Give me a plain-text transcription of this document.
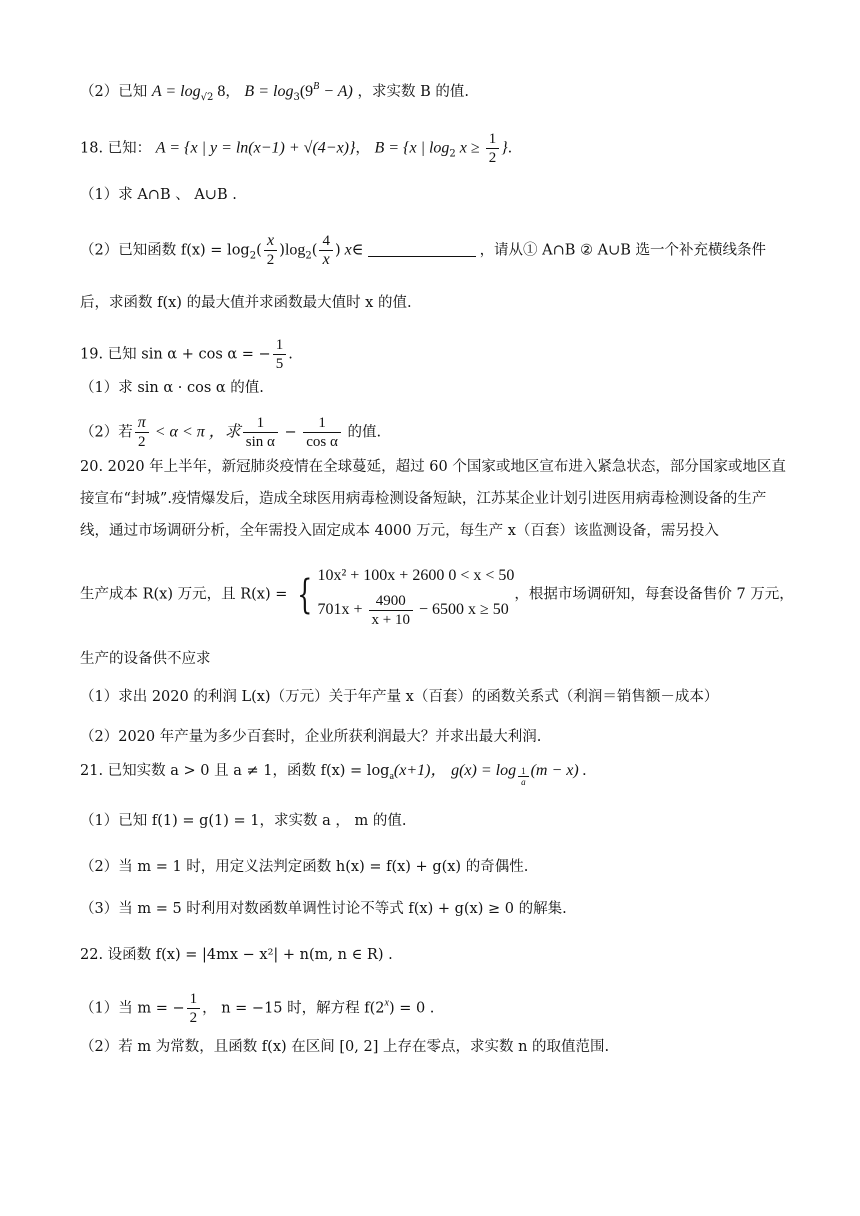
（2）已知 $A = \log_{√2} 8$， $B = \log_3(9^B - A)$ ，求实数 B 的值.
18. 已知： A = {x | y = ln(x−1) + √(4−x)}， B = {x | $\log_2 x \ge \frac{1}{2}$ }.
（1）求 A∩B 、 A∪B .
（2）已知函数 $f(x) = \log_2( \frac{x}{2} )\log_2( \frac{4}{x}$ ) x∈	，请从① A∩B ② A∪B 选一个补充横线条件
后，求函数 f(x) 的最大值并求函数最大值时 x 的值.
19. 已知 sin α + cos α = − $\frac{1}{5}$ .
（1）求 sin α · cos α 的值.
（2）若 $\frac{\pi}{2} < \alpha < \pi$ ，求 $\frac{1}{\text{sin α}} - \frac{1}{\text{cos α}}$ 的值.
20. 2020 年上半年，新冠肺炎疫情在全球蔓延，超过 60 个国家或地区宣布进入紧急状态，部分国家或地区直接宣布“封城”.疫情爆发后，造成全球医用病毒检测设备短缺，江苏某企业计划引进医用病毒检测设备的生产线，通过市场调研分析，全年需投入固定成本 4000 万元，每生产 x（百套）该监测设备，需另投入
生产成本 R(x) 万元，且 R(x) = { 10x² + 100x + 2600 0 < x < 50
$701x + \frac{4900}{x + 10} - 6500$ x ≥ 50
，根据市场调研知，每套设备售价 7 万元，
生产的设备供不应求
（1）求出 2020 的利润 L(x)（万元）关于年产量 x（百套）的函数关系式（利润＝销售额－成本）
（2）2020 年产量为多少百套时，企业所获利润最大？并求出最大利润.
21. 已知实数 a > 0 且 a ≠ 1，函数 $f(x) = \log_a(x+1)$， $g(x) = \log \frac{1}{a} (m - x)$ .
（1）已知 f(1) = g(1) = 1，求实数 a ， m 的值.
（2）当 m = 1 时，用定义法判定函数 h(x) = f(x) + g(x) 的奇偶性.
（3）当 m = 5 时利用对数函数单调性讨论不等式 f(x) + g(x) ≥ 0 的解集.
22. 设函数 f(x) = |4mx − x²| + n(m, n ∈ R) .
（1）当 m = − $\frac{1}{2}$ ， n = −15 时，解方程 $f(2^x) = 0$ .
（2）若 m 为常数，且函数 f(x) 在区间 [0, 2] 上存在零点，求实数 n 的取值范围.
